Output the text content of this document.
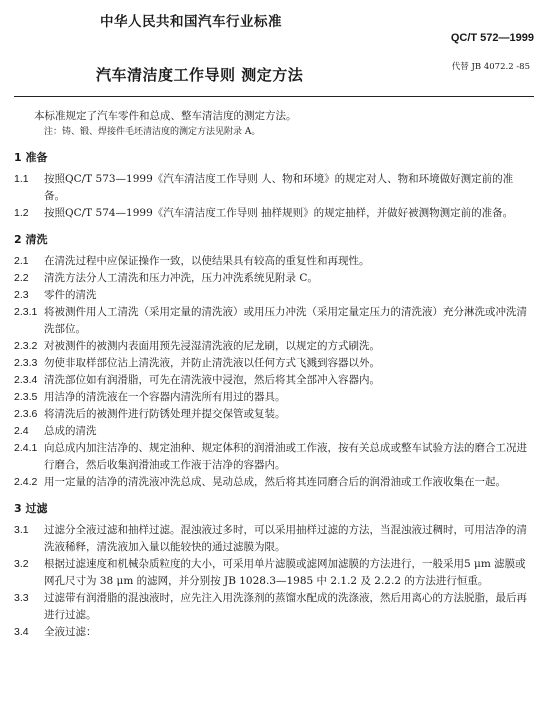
中华人民共和国汽车行业标准
QC/T 572—1999
汽车清洁度工作导则 测定方法	代替 JB 4072.2 -85
本标准规定了汽车零件和总成、整车清洁度的测定方法。
注：铸、锻、焊接件毛坯清洁度的测定方法见附录 A。
1 准备
1.1	按照QC/T 573—1999《汽车清洁度工作导则 人、物和环境》的规定对人、物和环境做好测定前的准备。
1.2	按照QC/T 574—1999《汽车清洁度工作导则 抽样规则》的规定抽样，并做好被测物测定前的准备。
2 清洗
2.1	在清洗过程中应保证操作一致，以使结果具有较高的重复性和再现性。
2.2	清洗方法分人工清洗和压力冲洗，压力冲洗系统见附录 C。
2.3	零件的清洗
2.3.1 将被测件用人工清洗（采用定量的清洗液）或用压力冲洗（采用定量定压力的清洗液）充分淋洗或冲洗清洗部位。
2.3.2 对被测件的被测内表面用预先浸湿清洗液的尼龙刷，以规定的方式刷洗。
2.3.3 勿使非取样部位沾上清洗液，并防止清洗液以任何方式飞溅到容器以外。
2.3.4 清洗部位如有润滑脂，可先在清洗液中浸泡，然后将其全部冲入容器内。
2.3.5 用洁净的清洗液在一个容器内清洗所有用过的器具。
2.3.6 将清洗后的被测件进行防锈处理并提交保管或复装。
2.4	总成的清洗
2.4.1 向总成内加注洁净的、规定油种、规定体积的润滑油或工作液，按有关总成或整车试验方法的磨合工况进行磨合，然后收集润滑油或工作液于洁净的容器内。
2.4.2 用一定量的洁净的清洗液冲洗总成、晃动总成，然后将其连同磨合后的润滑油或工作液收集在一起。
3 过滤
3.1	过滤分全液过滤和抽样过滤。混浊液过多时，可以采用抽样过滤的方法，当混浊液过稠时，可用洁净的清洗液稀释，清洗液加入量以能较快的通过滤膜为限。
3.2	根据过滤速度和机械杂质粒度的大小，可采用单片滤膜或滤网加滤膜的方法进行，一般采用5 μm 滤膜或网孔尺寸为 38 μm 的滤网，并分别按 JB 1028.3—1985 中 2.1.2 及 2.2.2 的方法进行恒重。
3.3	过滤带有润滑脂的混浊液时，应先注入用洗涤剂的蒸馏水配成的洗涤液，然后用离心的方法脱脂，最后再进行过滤。
3.4	全液过滤：
